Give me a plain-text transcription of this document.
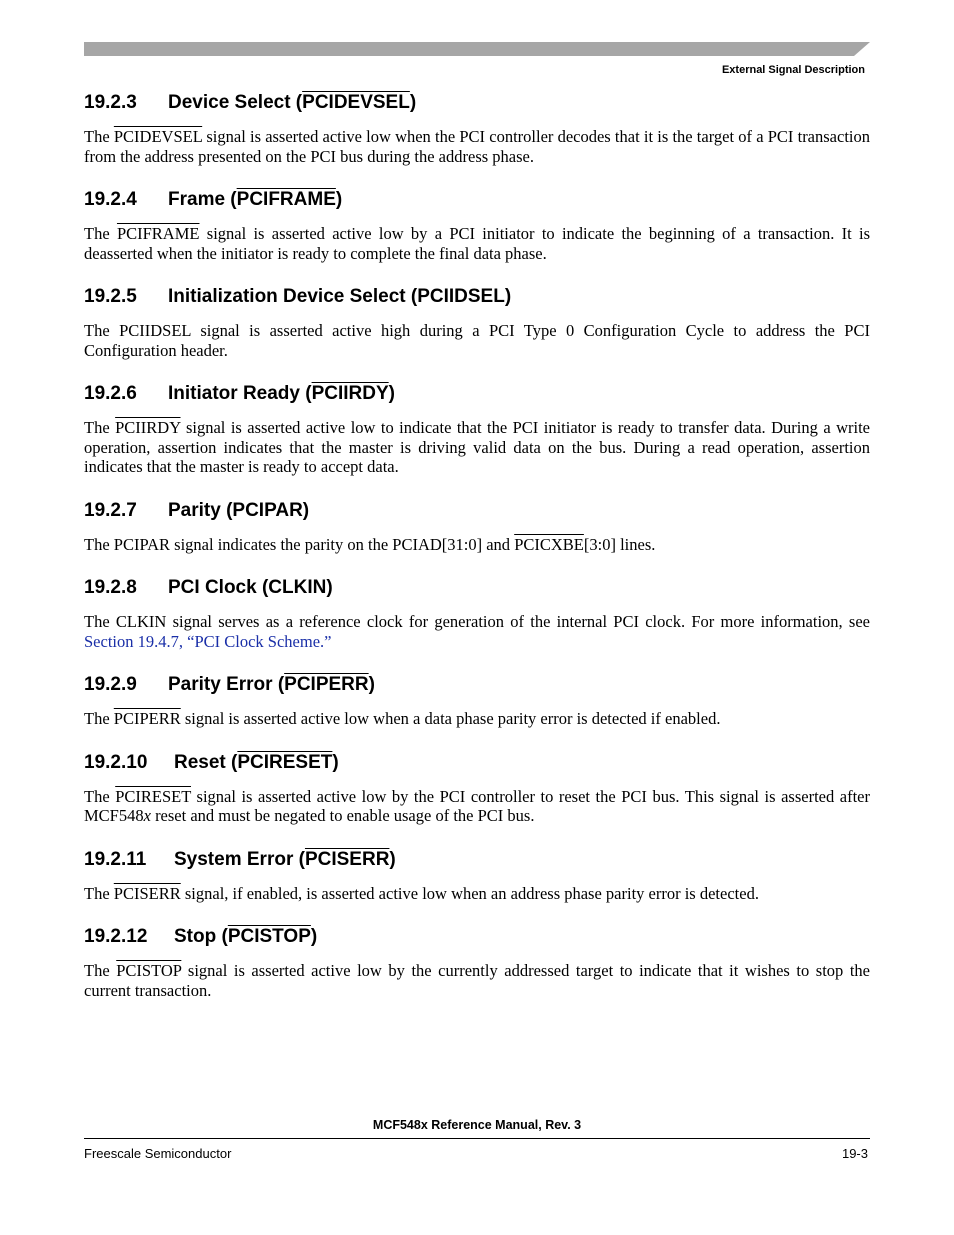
External Signal Description
19.2.3 Device Select (PCIDEVSEL)

The PCIDEVSEL signal is asserted active low when the PCI controller decodes that it is the target of a PCI transaction from the address presented on the PCI bus during the address phase.

19.2.4 Frame (PCIFRAME)

The PCIFRAME signal is asserted active low by a PCI initiator to indicate the beginning of a transaction. It is deasserted when the initiator is ready to complete the final data phase.

19.2.5 Initialization Device Select (PCIIDSEL)

The PCIIDSEL signal is asserted active high during a PCI Type 0 Configuration Cycle to address the PCI Configuration header.

19.2.6 Initiator Ready (PCIIRDY)

The PCIIRDY signal is asserted active low to indicate that the PCI initiator is ready to transfer data. During a write operation, assertion indicates that the master is driving valid data on the bus. During a read operation, assertion indicates that the master is ready to accept data.

19.2.7 Parity (PCIPAR)

The PCIPAR signal indicates the parity on the PCIAD[31:0] and PCICXBE[3:0] lines.

19.2.8 PCI Clock (CLKIN)

The CLKIN signal serves as a reference clock for generation of the internal PCI clock. For more information, see Section 19.4.7, “PCI Clock Scheme.”

19.2.9 Parity Error (PCIPERR)

The PCIPERR signal is asserted active low when a data phase parity error is detected if enabled.

19.2.10 Reset (PCIRESET)

The PCIRESET signal is asserted active low by the PCI controller to reset the PCI bus. This signal is asserted after MCF548x reset and must be negated to enable usage of the PCI bus.

19.2.11 System Error (PCISERR)

The PCISERR signal, if enabled, is asserted active low when an address phase parity error is detected.

19.2.12 Stop (PCISTOP)

The PCISTOP signal is asserted active low by the currently addressed target to indicate that it wishes to stop the current transaction.

MCF548x Reference Manual, Rev. 3
Freescale Semiconductor	19-3
